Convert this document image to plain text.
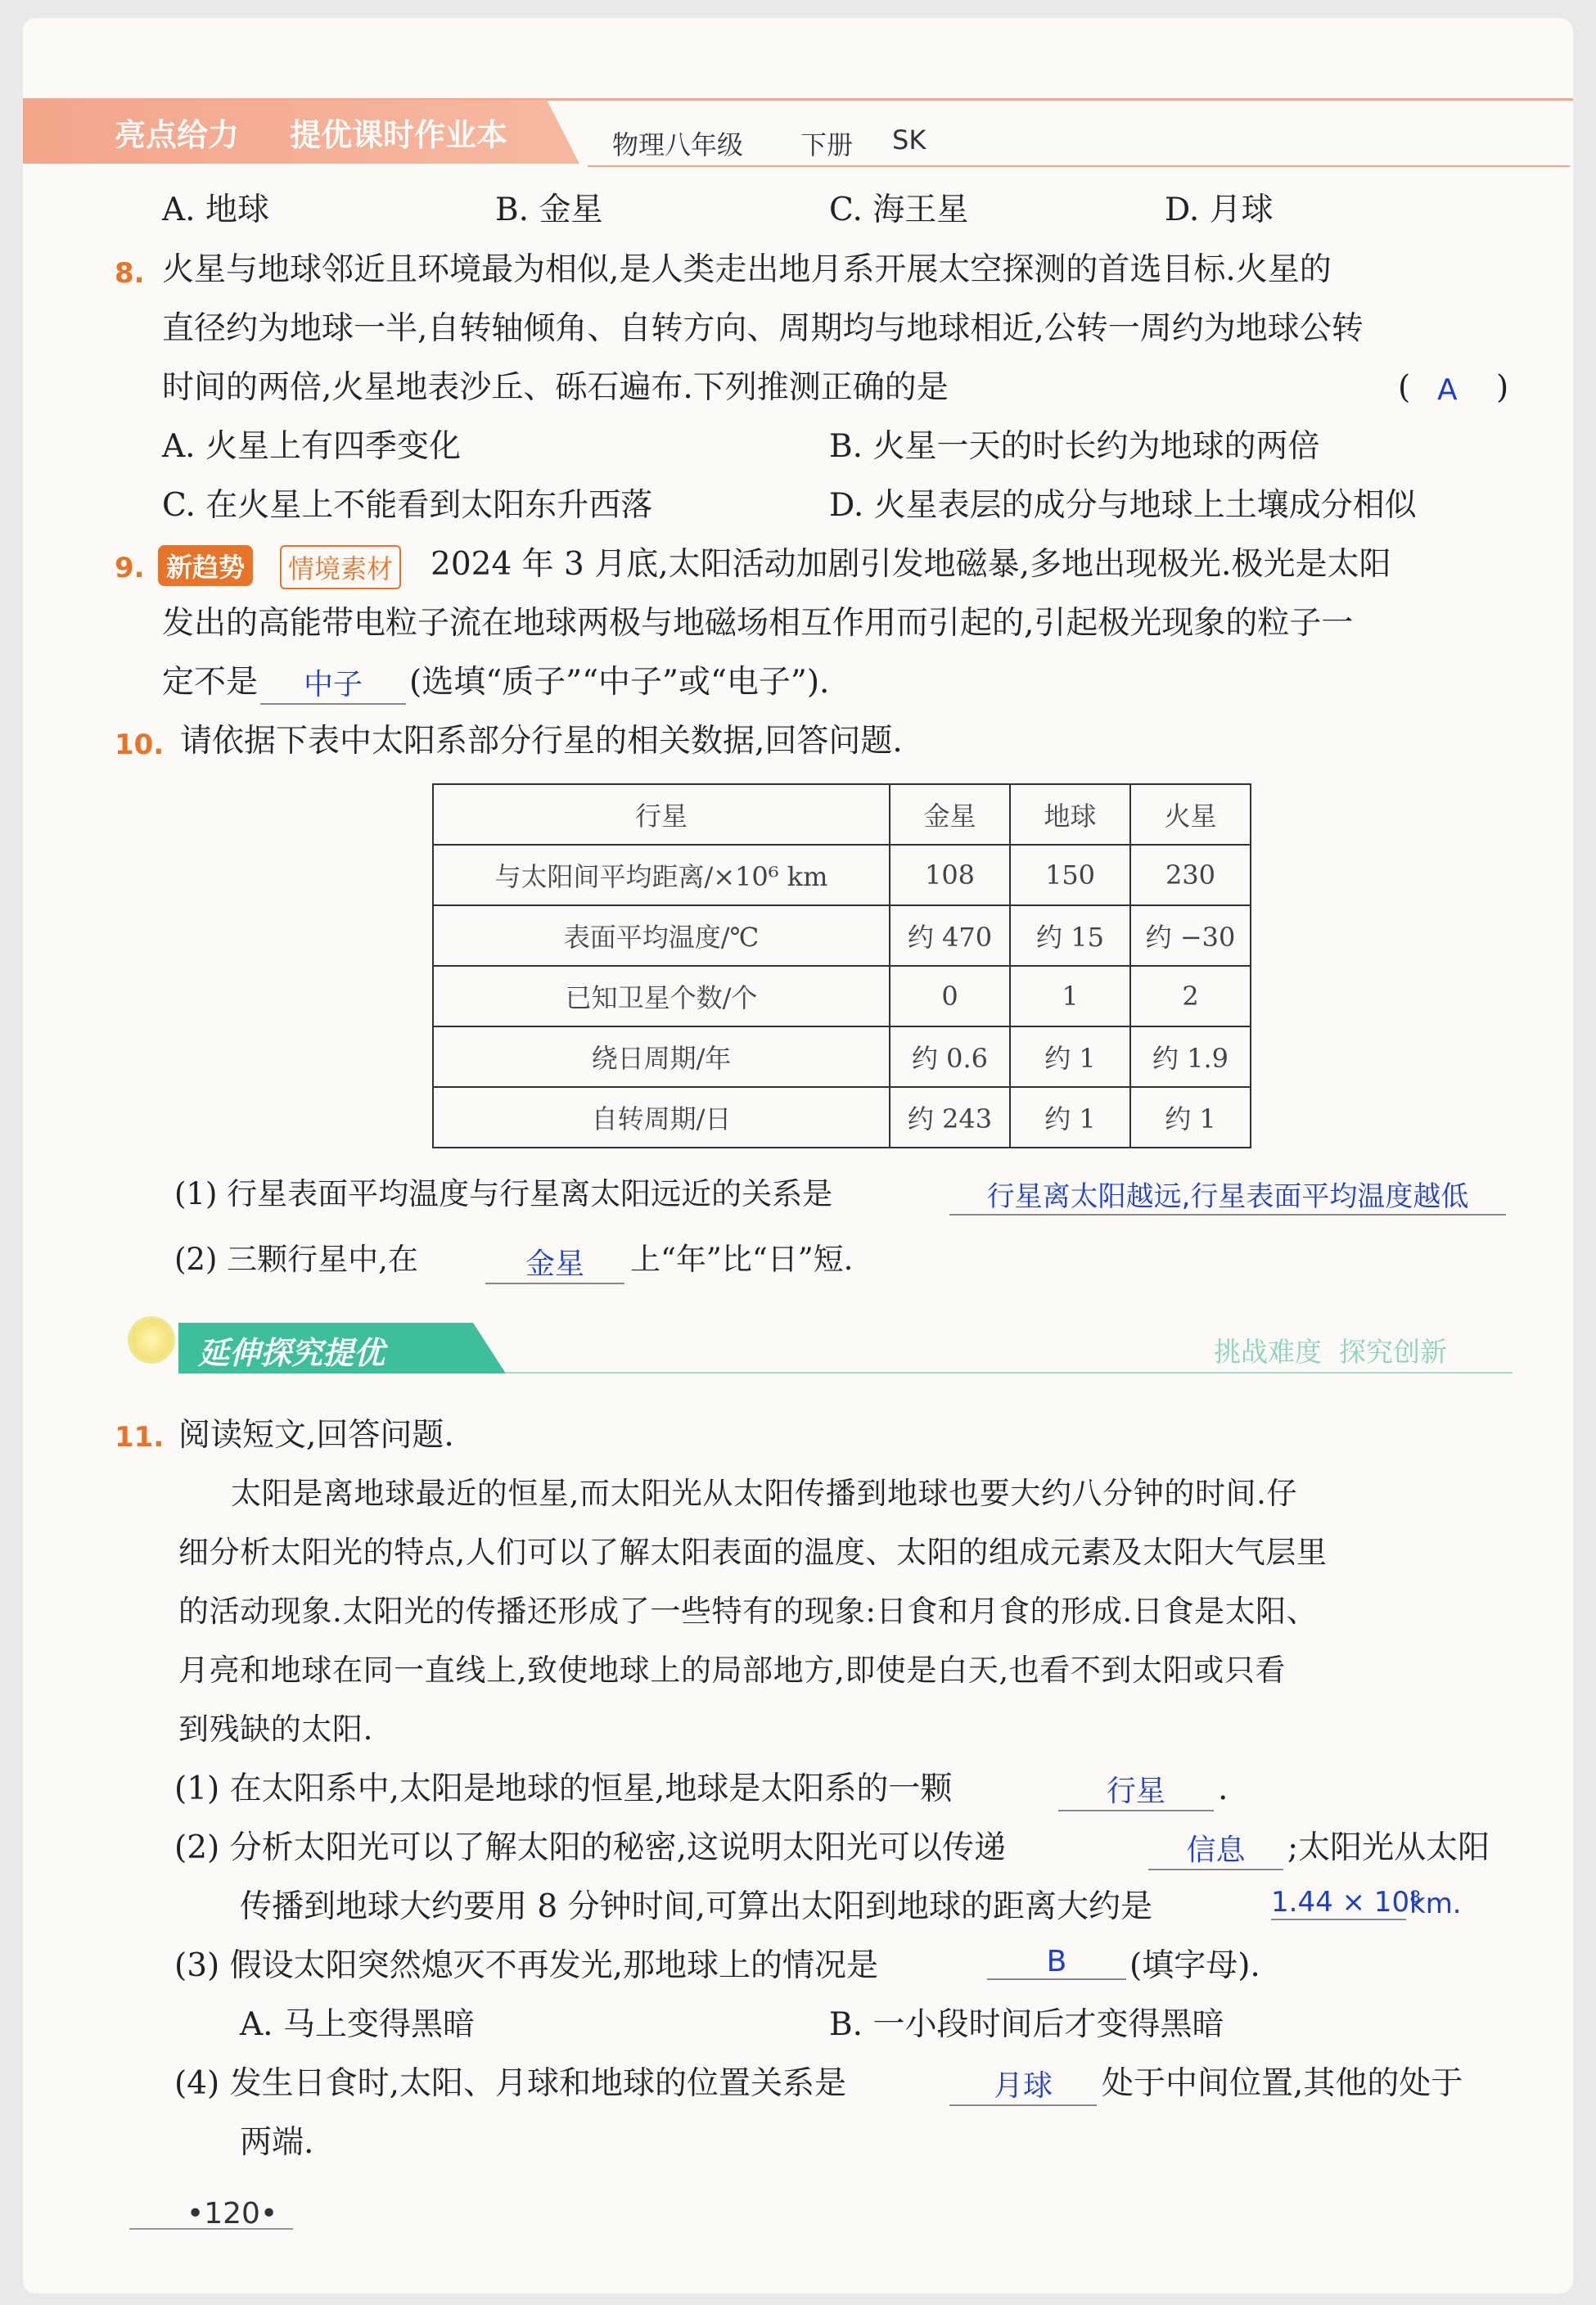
亮点给力 提优课时作业本	物理八年级 下册 SK
A. 地球	B. 金星	C. 海王星	D. 月球
8. 火星与地球邻近且环境最为相似,是人类走出地月系开展太空探测的首选目标.火星的
直径约为地球一半,自转轴倾角、自转方向、周期均与地球相近,公转一周约为地球公转
时间的两倍,火星地表沙丘、砾石遍布.下列推测正确的是	( A )
A. 火星上有四季变化	B. 火星一天的时长约为地球的两倍
C. 在火星上不能看到太阳东升西落	D. 火星表层的成分与地球上土壤成分相似
9. 新趋势	情境素材 2024 年 3 月底,太阳活动加剧引发地磁暴,多地出现极光.极光是太阳
发出的高能带电粒子流在地球两极与地磁场相互作用而引起的,引起极光现象的粒子一
定不是	中子	(选填“质子”“中子”或“电子”).
10. 请依据下表中太阳系部分行星的相关数据,回答问题.
行星	金星	地球	火星
与太阳间平均距离/×10⁶ km	108	150	230
表面平均温度/℃	约 470	约 15	约 −30
已知卫星个数/个	0	1	2
绕日周期/年	约 0.6	约 1	约 1.9
自转周期/日	约 243	约 1	约 1
(1) 行星表面平均温度与行星离太阳远近的关系是	行星离太阳越远,行星表面平均温度越低
(2) 三颗行星中,在	金星	上“年”比“日”短.
延伸探究提优	挑战难度  探究创新
11. 阅读短文,回答问题.
太阳是离地球最近的恒星,而太阳光从太阳传播到地球也要大约八分钟的时间.仔
细分析太阳光的特点,人们可以了解太阳表面的温度、太阳的组成元素及太阳大气层里
的活动现象.太阳光的传播还形成了一些特有的现象:日食和月食的形成.日食是太阳、
月亮和地球在同一直线上,致使地球上的局部地方,即使是白天,也看不到太阳或只看
到残缺的太阳.
(1) 在太阳系中,太阳是地球的恒星,地球是太阳系的一颗	行星	.
(2) 分析太阳光可以了解太阳的秘密,这说明太阳光可以传递	信息	;太阳光从太阳
传播到地球大约要用 8 分钟时间,可算出太阳到地球的距离大约是	1.44 × 10⁸
km.
(3) 假设太阳突然熄灭不再发光,那地球上的情况是	B	(填字母).
A. 马上变得黑暗	B. 一小段时间后才变得黑暗
(4) 发生日食时,太阳、月球和地球的位置关系是	月球	处于中间位置,其他的处于
两端.
•120•
